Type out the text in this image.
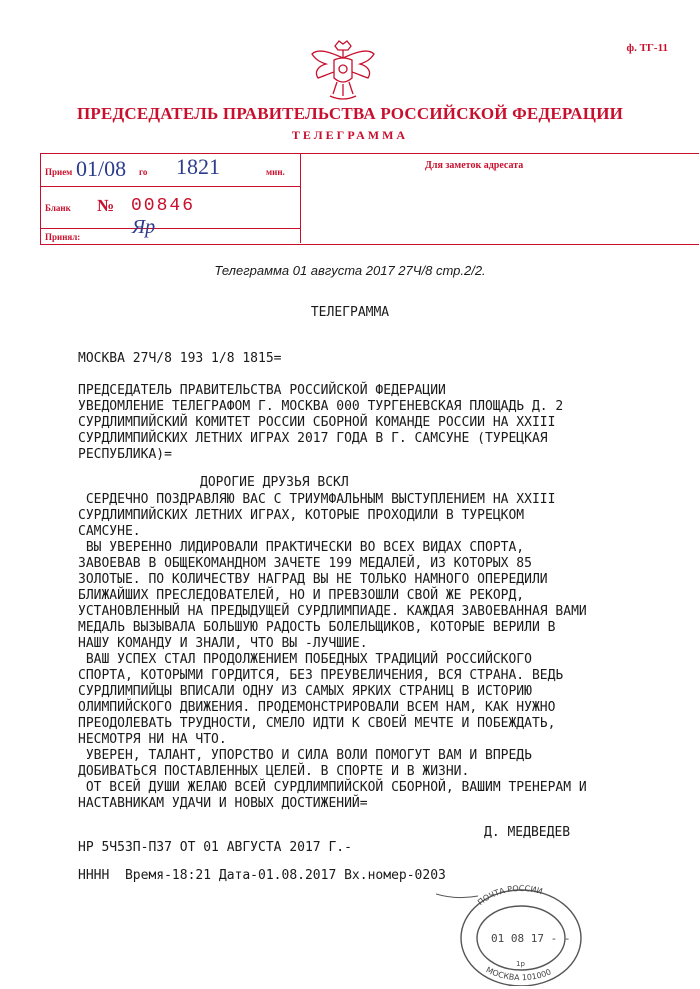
ф. ТГ-11
ПРЕДСЕДАТЕЛЬ ПРАВИТЕЛЬСТВА РОССИЙСКОЙ ФЕДЕРАЦИИ
ТЕЛЕГРАММА
Прием 01/08 го 1821	мин.
Бланк № 00846
Принял:	Яр
Для заметок адресата
Телеграмма 01 августа 2017 27Ч/8 стр.2/2.
ТЕЛЕГРАММА
МОСКВА 27Ч/8 193 1/8 1815=
ПРЕДСЕДАТЕЛЬ ПРАВИТЕЛЬСТВА РОССИЙСКОЙ ФЕДЕРАЦИИ
УВЕДОМЛЕНИЕ ТЕЛЕГРАФОМ Г. МОСКВА 000 ТУРГЕНЕВСКАЯ ПЛОЩАДЬ Д. 2
СУРДЛИМПИЙСКИЙ КОМИТЕТ РОССИИ СБОРНОЙ КОМАНДЕ РОССИИ НА XXIII
СУРДЛИМПИЙСКИХ ЛЕТНИХ ИГРАХ 2017 ГОДА В Г. САМСУНЕ (ТУРЕЦКАЯ
РЕСПУБЛИКА)=
ДОРОГИЕ ДРУЗЬЯ ВСКЛ
СЕРДЕЧНО ПОЗДРАВЛЯЮ ВАС С ТРИУМФАЛЬНЫМ ВЫСТУПЛЕНИЕМ НА XXIII
СУРДЛИМПИЙСКИХ ЛЕТНИХ ИГРАХ, КОТОРЫЕ ПРОХОДИЛИ В ТУРЕЦКОМ
САМСУНЕ.
ВЫ УВЕРЕННО ЛИДИРОВАЛИ ПРАКТИЧЕСКИ ВО ВСЕХ ВИДАХ СПОРТА,
ЗАВОЕВАВ В ОБЩЕКОМАНДНОМ ЗАЧЕТЕ 199 МЕДАЛЕЙ, ИЗ КОТОРЫХ 85
ЗОЛОТЫЕ. ПО КОЛИЧЕСТВУ НАГРАД ВЫ НЕ ТОЛЬКО НАМНОГО ОПЕРЕДИЛИ
БЛИЖАЙШИХ ПРЕСЛЕДОВАТЕЛЕЙ, НО И ПРЕВЗОШЛИ СВОЙ ЖЕ РЕКОРД,
УСТАНОВЛЕННЫЙ НА ПРЕДЫДУЩЕЙ СУРДЛИМПИАДЕ. КАЖДАЯ ЗАВОЕВАННАЯ ВАМИ
МЕДАЛЬ ВЫЗЫВАЛА БОЛЬШУЮ РАДОСТЬ БОЛЕЛЬЩИКОВ, КОТОРЫЕ ВЕРИЛИ В
НАШУ КОМАНДУ И ЗНАЛИ, ЧТО ВЫ -ЛУЧШИЕ.
ВАШ УСПЕХ СТАЛ ПРОДОЛЖЕНИЕМ ПОБЕДНЫХ ТРАДИЦИЙ РОССИЙСКОГО
СПОРТА, КОТОРЫМИ ГОРДИТСЯ, БЕЗ ПРЕУВЕЛИЧЕНИЯ, ВСЯ СТРАНА. ВЕДЬ
СУРДЛИМПИЙЦЫ ВПИСАЛИ ОДНУ ИЗ САМЫХ ЯРКИХ СТРАНИЦ В ИСТОРИЮ
ОЛИМПИЙСКОГО ДВИЖЕНИЯ. ПРОДЕМОНСТРИРОВАЛИ ВСЕМ НАМ, КАК НУЖНО
ПРЕОДОЛЕВАТЬ ТРУДНОСТИ, СМЕЛО ИДТИ К СВОЕЙ МЕЧТЕ И ПОБЕЖДАТЬ,
НЕСМОТРЯ НИ НА ЧТО.
УВЕРЕН, ТАЛАНТ, УПОРСТВО И СИЛА ВОЛИ ПОМОГУТ ВАМ И ВПРЕДЬ
ДОБИВАТЬСЯ ПОСТАВЛЕННЫХ ЦЕЛЕЙ. В СПОРТЕ И В ЖИЗНИ.
ОТ ВСЕЙ ДУШИ ЖЕЛАЮ ВСЕЙ СУРДЛИМПИЙСКОЙ СБОРНОЙ, ВАШИМ ТРЕНЕРАМ И
НАСТАВНИКАМ УДАЧИ И НОВЫХ ДОСТИЖЕНИЙ=
Д. МЕДВЕДЕВ
НР 5Ч53П-П37 ОТ 01 АВГУСТА 2017 Г.-
НННН  Время-18:21 Дата-01.08.2017 Вх.номер-0203
ПОЧТА РОССИИ
01 08 17 - -
1р
МОСКВА 101000
